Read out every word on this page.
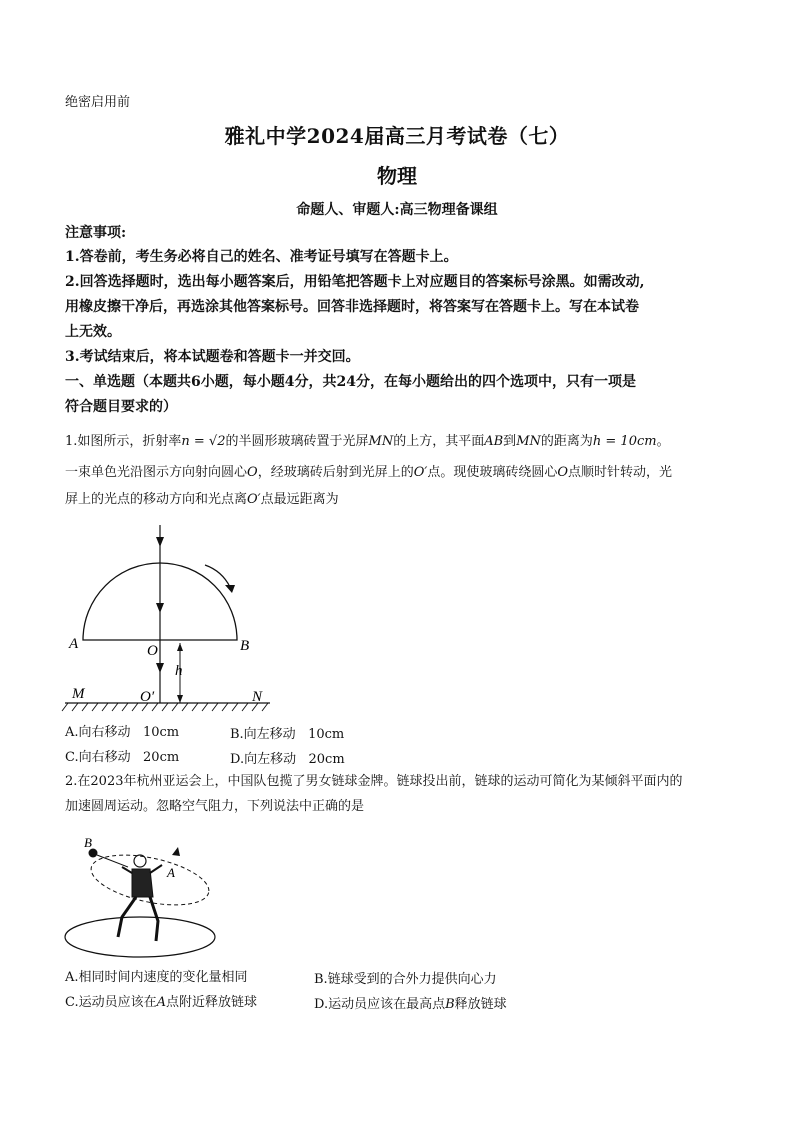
绝密启用前
雅礼中学2024届高三月考试卷（七）
物理
命题人、审题人:高三物理备课组
注意事项:
1.答卷前，考生务必将自己的姓名、准考证号填写在答题卡上。
2.回答选择题时，选出每小题答案后，用铅笔把答题卡上对应题目的答案标号涂黑。如需改动,
用橡皮擦干净后，再选涂其他答案标号。回答非选择题时，将答案写在答题卡上。写在本试卷
上无效。
3.考试结束后，将本试题卷和答题卡一并交回。
一、单选题（本题共6小题，每小题4分，共24分，在每小题给出的四个选项中，只有一项是
符合题目要求的）
1.如图所示，折射率n = √2的半圆形玻璃砖置于光屏MN的上方，其平面AB到MN的距离为h = 10cm。
一束单色光沿图示方向射向圆心O，经玻璃砖后射到光屏上的O′点。现使玻璃砖绕圆心O点顺时针转动，光
屏上的光点的移动方向和光点离O′点最远距离为
A	B
O
h
M	N
O′
A.向右移动 10cm	B.向左移动 10cm
C.向右移动 20cm	D.向左移动 20cm
2.在2023年杭州亚运会上，中国队包揽了男女链球金牌。链球投出前，链球的运动可简化为某倾斜平面内的
加速圆周运动。忽略空气阻力，下列说法中正确的是
B
A
A.相同时间内速度的变化量相同	B.链球受到的合外力提供向心力
C.运动员应该在A点附近释放链球	D.运动员应该在最高点B释放链球
